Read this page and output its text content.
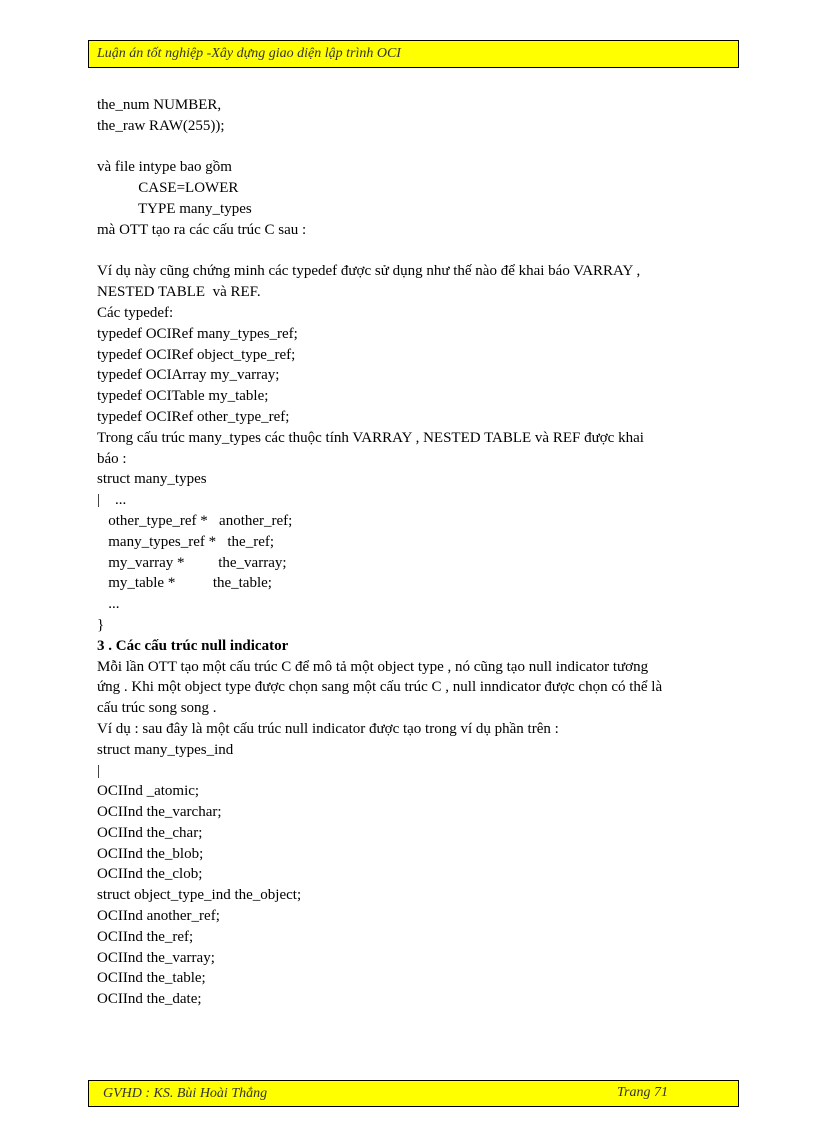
Luận án tốt nghiệp -Xây dựng giao diện lập trình OCI
the_num NUMBER,
the_raw RAW(255));
và file intype bao gồm
CASE=LOWER
TYPE many_types
mà OTT tạo ra các cấu trúc C sau :
Ví dụ này cũng chứng minh các typedef được sử dụng như thế nào để khai báo VARRAY ,
NESTED TABLE  và REF.
Các typedef:
typedef OCIRef many_types_ref;
typedef OCIRef object_type_ref;
typedef OCIArray my_varray;
typedef OCITable my_table;
typedef OCIRef other_type_ref;
Trong cấu trúc many_types các thuộc tính VARRAY , NESTED TABLE và REF được khai
báo :
struct many_types
|    ...
other_type_ref *   another_ref;
many_types_ref *   the_ref;
my_varray *         the_varray;
my_table *          the_table;
...
}
3 . Các cấu trúc null indicator
Mỗi lần OTT tạo một cấu trúc C để mô tả một object type , nó cũng tạo null indicator tương
ứng . Khi một object type được chọn sang một cấu trúc C , null inndicator được chọn có thể là
cấu trúc song song .
Ví dụ : sau đây là một cấu trúc null indicator được tạo trong ví dụ phần trên :
struct many_types_ind
|
OCIInd _atomic;
OCIInd the_varchar;
OCIInd the_char;
OCIInd the_blob;
OCIInd the_clob;
struct object_type_ind the_object;
OCIInd another_ref;
OCIInd the_ref;
OCIInd the_varray;
OCIInd the_table;
OCIInd the_date;
GVHD : KS. Bùi Hoài Thắng	Trang 71
